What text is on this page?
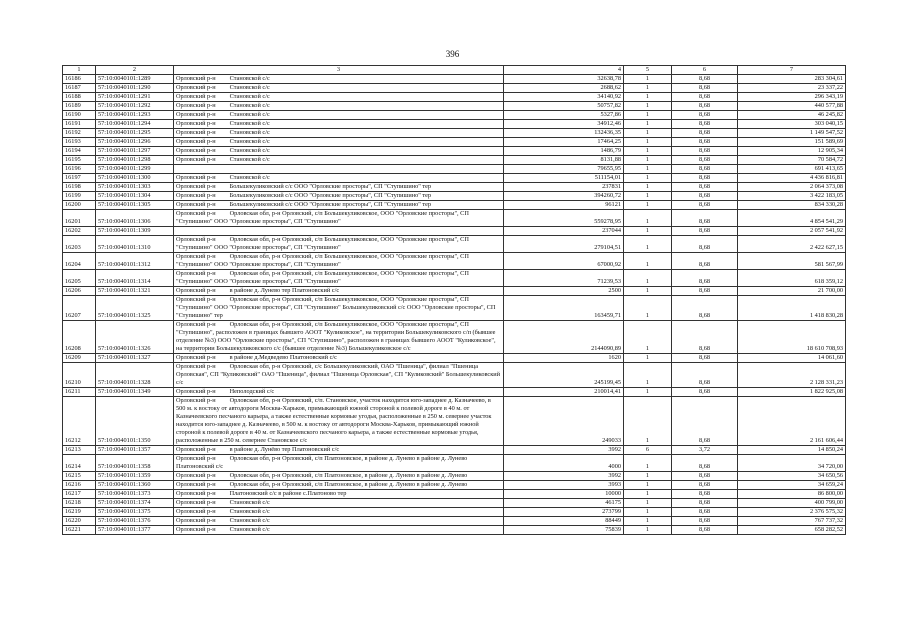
396
1	2	3	4	5	6	7
16186	57:10:0040101:1289	Орловский р-н Становской с/с	32638,78	1	8,68	283 304,61
16187	57:10:0040101:1290	Орловский р-н Становской с/с	2688,62	1	8,68	23 337,22
16188	57:10:0040101:1291	Орловский р-н Становской с/с	34140,92	1	8,68	296 343,19
16189	57:10:0040101:1292	Орловский р-н Становской с/с	50757,82	1	8,68	440 577,88
16190	57:10:0040101:1293	Орловский р-н Становской с/с	5327,86	1	8,68	46 245,82
16191	57:10:0040101:1294	Орловский р-н Становской с/с	34912,46	1	8,68	303 040,15
16192	57:10:0040101:1295	Орловский р-н Становской с/с	132436,35	1	8,68	1 149 547,52
16193	57:10:0040101:1296	Орловский р-н Становской с/с	17464,25	1	8,68	151 589,69
16194	57:10:0040101:1297	Орловский р-н Становской с/с	1486,79	1	8,68	12 905,34
16195	57:10:0040101:1298	Орловский р-н Становской с/с	8131,88	1	8,68	70 584,72
16196	57:10:0040101:1299		79655,95	1	8,68	691 413,65
16197	57:10:0040101:1300	Орловский р-н Становской с/с	511154,01	1	8,68	4 436 816,81
16198	57:10:0040101:1303	Орловский р-н Большекуликовский с/с ООО "Орловские просторы", СП "Ступишино" тер	237831	1	8,68	2 064 373,08
16199	57:10:0040101:1304	Орловский р-н Большекуликовский с/с ООО "Орловские просторы", СП "Ступишино" тер	394260,72	1	8,68	3 422 183,05
16200	57:10:0040101:1305	Орловский р-н Большекуликовский с/с ООО "Орловские просторы", СП "Ступишино" тер	96121	1	8,68	834 330,28
16201	57:10:0040101:1306	Орловский р-н Орловская обл, р-н Орловский, с/п Большекуликовское, ООО "Орловские просторы", СП "Ступишино" ООО "Орловские просторы", СП "Ступишино"	559278,95	1	8,68	4 854 541,29
16202	57:10:0040101:1309		237044	1	8,68	2 057 541,92
16203	57:10:0040101:1310	Орловский р-н Орловская обл, р-н Орловский, с/п Большекуликовское, ООО "Орловские просторы", СП "Ступишино" ООО "Орловские просторы", СП "Ступишино"	279104,51	1	8,68	2 422 627,15
16204	57:10:0040101:1312	Орловский р-н Орловская обл, р-н Орловский, с/п Большекуликовское, ООО "Орловские просторы", СП "Ступишино" ООО "Орловские просторы", СП "Ступишино"	67000,92	1	8,68	581 567,99
16205	57:10:0040101:1314	Орловский р-н Орловская обл, р-н Орловский, с/п Большекуликовское, ООО "Орловские просторы", СП "Ступишино" ООО "Орловские просторы", СП "Ступишино"	71239,53	1	8,68	618 359,12
16206	57:10:0040101:1321	Орловский р-н в районе д. Лунево тер Платоновский с/с	2500	1	8,68	21 700,00
16207	57:10:0040101:1325	Орловский р-н Орловская обл, р-н Орловский, с/п Большекуликовское, ООО "Орловские просторы", СП "Ступишино" ООО "Орловские просторы", СП "Ступишино" Большекуликовский с/с ООО "Орловские просторы", СП "Ступишино" тер	163459,71	1	8,68	1 418 830,28
16208	57:10:0040101:1326	Орловский р-н Орловская обл, р-н Орловский, с/п Большекуликовское, ООО "Орловские просторы", СП "Ступишино", расположен в границах бывшего АООТ "Куликовское", на территории Большекуликовского с/п (бывшее отделение №3) ООО "Орловские просторы", СП "Ступишино", расположен в границах бывшего АООТ "Куликовское", на территории Большекуликовского с/с (бывшее отделение №3) Большекуликовское с/с	2144090,89	1	8,68	18 610 708,93
16209	57:10:0040101:1327	Орловский р-н в районе д.Медведево Платоновский с/с	1620	1	8,68	14 061,60
16210	57:10:0040101:1328	Орловский р-н Орловская обл, р-н Орловский, с/с Большекуликовский, ОАО "Пшеница", филиал "Пшеница Орловская", СП "Куликовский" ОАО "Пшеница", филиал "Пшеница Орловская", СП "Куликовский" Большекуликовский с/с	245199,45	1	8,68	2 128 331,23
16211	57:10:0040101:1349	Орловский р-н Неполодский с/с	210014,41	1	8,68	1 822 925,08
16212	57:10:0040101:1350	Орловский р-н Орловская обл, р-н Орловский, с/п. Становское, участок находится юго-западнее д. Казначеево, в 500 м. к востоку от автодороги Москва-Харьков, примыкающий южной стороной к полевой дороге в 40 м. от Казначеевского песчаного карьера, а также естественные кормовые угодья, расположенные в 250 м. севернее участок находится юго-западнее д. Казначеево, в 500 м. к востоку от автодороги Москва-Харьков, примыкающий южной стороной к полевой дороге в 40 м. от Казначеевского песчаного карьера, а также естественные кормовые угодья, расположенные в 250 м. севернее Становское с/с	249033	1	8,68	2 161 606,44
16213	57:10:0040101:1357	Орловский р-н в районе д. Лунёво тер Платоновский с/с	3992	6	3,72	14 850,24
16214	57:10:0040101:1358	Орловский р-н Орловская обл, р-н Орловский, с/п Платоновское, в районе д. Лунево в районе д. Лунево Платоновский с/с	4000	1	8,68	34 720,00
16215	57:10:0040101:1359	Орловский р-н Орловская обл, р-н Орловский, с/п Платоновское, в районе д. Лунево в районе д. Лунево	3992	1	8,68	34 650,56
16216	57:10:0040101:1360	Орловский р-н Орловская обл, р-н Орловский, с/п Платоновское, в районе д. Лунево в районе д. Лунево	3993	1	8,68	34 659,24
16217	57:10:0040101:1373	Орловский р-н Платоновский с/с в районе с.Платоново тер	10000	1	8,68	86 800,00
16218	57:10:0040101:1374	Орловский р-н Становской с/с	46175	1	8,68	400 799,00
16219	57:10:0040101:1375	Орловский р-н Становской с/с	273799	1	8,68	2 376 575,32
16220	57:10:0040101:1376	Орловский р-н Становской с/с	88449	1	8,68	767 737,32
16221	57:10:0040101:1377	Орловский р-н Становской с/с	75839	1	8,68	658 282,52
